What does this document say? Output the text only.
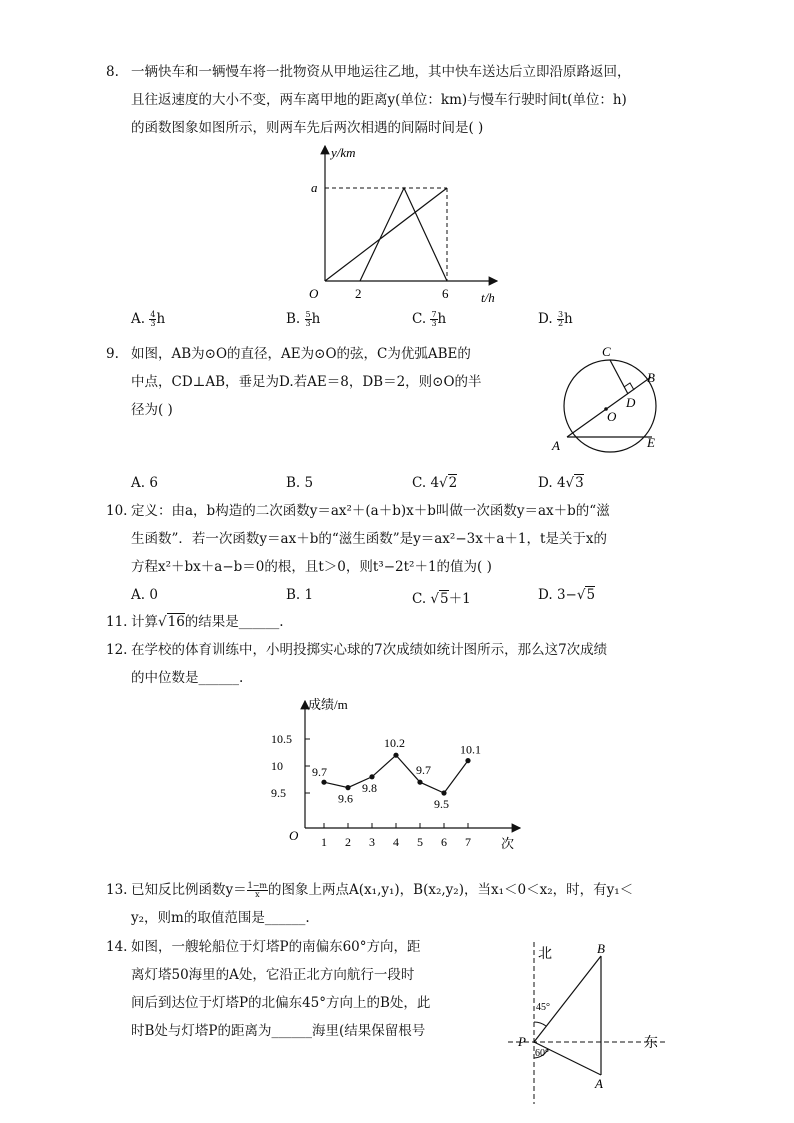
8. 一辆快车和一辆慢车将一批物资从甲地运往乙地，其中快车送达后立即沿原路返回，
且往返速度的大小不变，两车离甲地的距离y(单位：km)与慢车行驶时间t(单位：h)
的函数图象如图所示，则两车先后两次相遇的间隔时间是( )
y/km
t/h
O
a
2	6
A. $\frac{4}{3}$ h	B. $\frac{5}{3}$ h	C. $\frac{7}{3}$ h	D. $\frac{3}{2}$ h
9. 如图，AB为⊙O的直径，AE为⊙O的弦，C为优弧ABE的
中点，CD⊥AB，垂足为D.若AE＝8，DB＝2，则⊙O的半
径为( )
C
B
D
O
A	E
A. 6	B. 5	C. 4√2	D. 4√3
10. 定义：由a，b构造的二次函数y＝ax²＋(a＋b)x＋b叫做一次函数y＝ax＋b的“滋
生函数”．若一次函数y＝ax＋b的“滋生函数”是y＝ax²−3x＋a＋1，t是关于x的
方程x²＋bx＋a−b＝0的根，且t＞0，则t³−2t²＋1的值为( )
A. 0	B. 1	C. √5＋1	D. 3−√5
11. 计算√16的结果是______.
12. 在学校的体育训练中，小明投掷实心球的7次成绩如统计图所示，那么这7次成绩
的中位数是______.
成绩/m
次
O
9.5
10
10.5
1 2 3 4 5 6 7
9.7
9.6
9.8
10.2
9.7
9.5
10.1
13. 已知反比例函数$y= \frac{1-m}{x}$ 的图象上两点A(x₁,y₁)，B(x₂,y₂)，当x₁＜0＜x₂，时，有y₁＜
y₂，则m的取值范围是______.
14. 如图，一艘轮船位于灯塔P的南偏东60°方向，距
离灯塔50海里的A处，它沿正北方向航行一段时
间后到达位于灯塔P的北偏东45°方向上的B处，此
时B处与灯塔P的距离为______海里(结果保留根号
北
东
B
P
A
45°
60°
